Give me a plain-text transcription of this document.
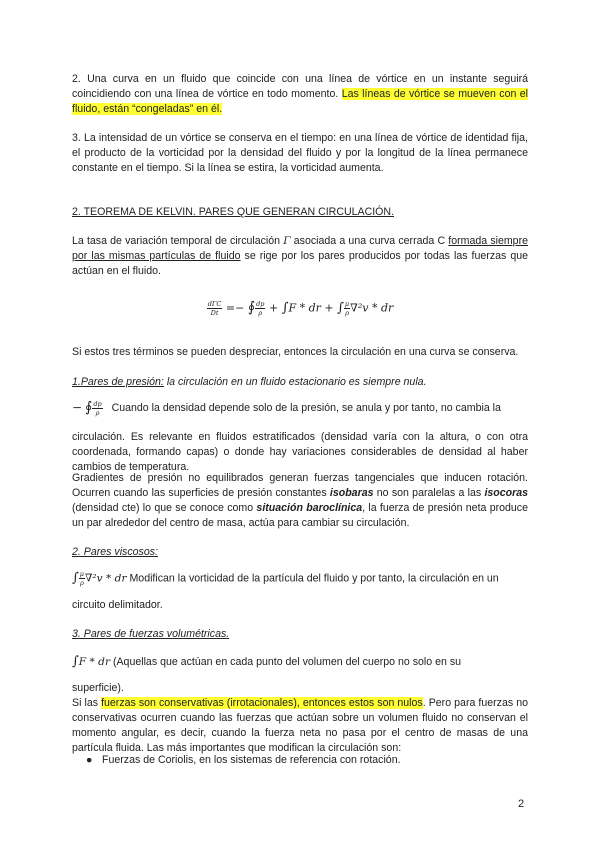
2. Una curva en un fluido que coincide con una línea de vórtice en un instante seguirá coincidiendo con una línea de vórtice en todo momento. Las líneas de vórtice se mueven con el fluido, están “congeladas” en él.

3. La intensidad de un vórtice se conserva en el tiempo: en una línea de vórtice de identidad fija, el producto de la vorticidad por la densidad del fluido y por la longitud de la línea permanece constante en el tiempo. Si la línea se estira, la vorticidad aumenta.

2. TEOREMA DE KELVIN. PARES QUE GENERAN CIRCULACIÓN.

La tasa de variación temporal de circulación Γ asociada a una curva cerrada C formada siempre por las mismas partículas de fluido se rige por los pares producidos por todas las fuerzas que actúan en el fluido.

$\frac{\text{dΓC}}{Dt}$ =− ∮ $\frac{dp}{\rho} + \int F$ * dr + ∫ $\frac{\mu}{\rho} \nabla^2v$ * dr

Si estos tres términos se pueden despreciar, entonces la circulación en una curva se conserva.

1.Pares de presión: la circulación en un fluido estacionario es siempre nula.

− ∮ $\frac{dp}{\rho}$ Cuando la densidad depende solo de la presión, se anula y por tanto, no cambia la

circulación. Es relevante en fluidos estratificados (densidad varía con la altura, o con otra coordenada, formando capas) o donde hay variaciones considerables de densidad al haber cambios de temperatura.

Gradientes de presión no equilibrados generan fuerzas tangenciales que inducen rotación. Ocurren cuando las superficies de presión constantes isobaras no son paralelas a las isocoras (densidad cte) lo que se conoce como situación baroclínica, la fuerza de presión neta produce un par alrededor del centro de masa, actúa para cambiar su circulación.

2. Pares viscosos:

∫ $\frac{\mu}{\rho} \nabla^2v$ * dr Modifican la vorticidad de la partícula del fluido y por tanto, la circulación en un

circuito delimitador.

3. Pares de fuerzas volumétricas.

∫F * dr (Aquellas que actúan en cada punto del volumen del cuerpo no solo en su

superficie).

Si las fuerzas son conservativas (irrotacionales), entonces estos son nulos. Pero para fuerzas no conservativas ocurren cuando las fuerzas que actúan sobre un volumen fluido no conservan el momento angular, es decir, cuando la fuerza neta no pasa por el centro de masas de una partícula fluida. Las más importantes que modifican la circulación son:

● Fuerzas de Coriolis, en los sistemas de referencia con rotación.
2
